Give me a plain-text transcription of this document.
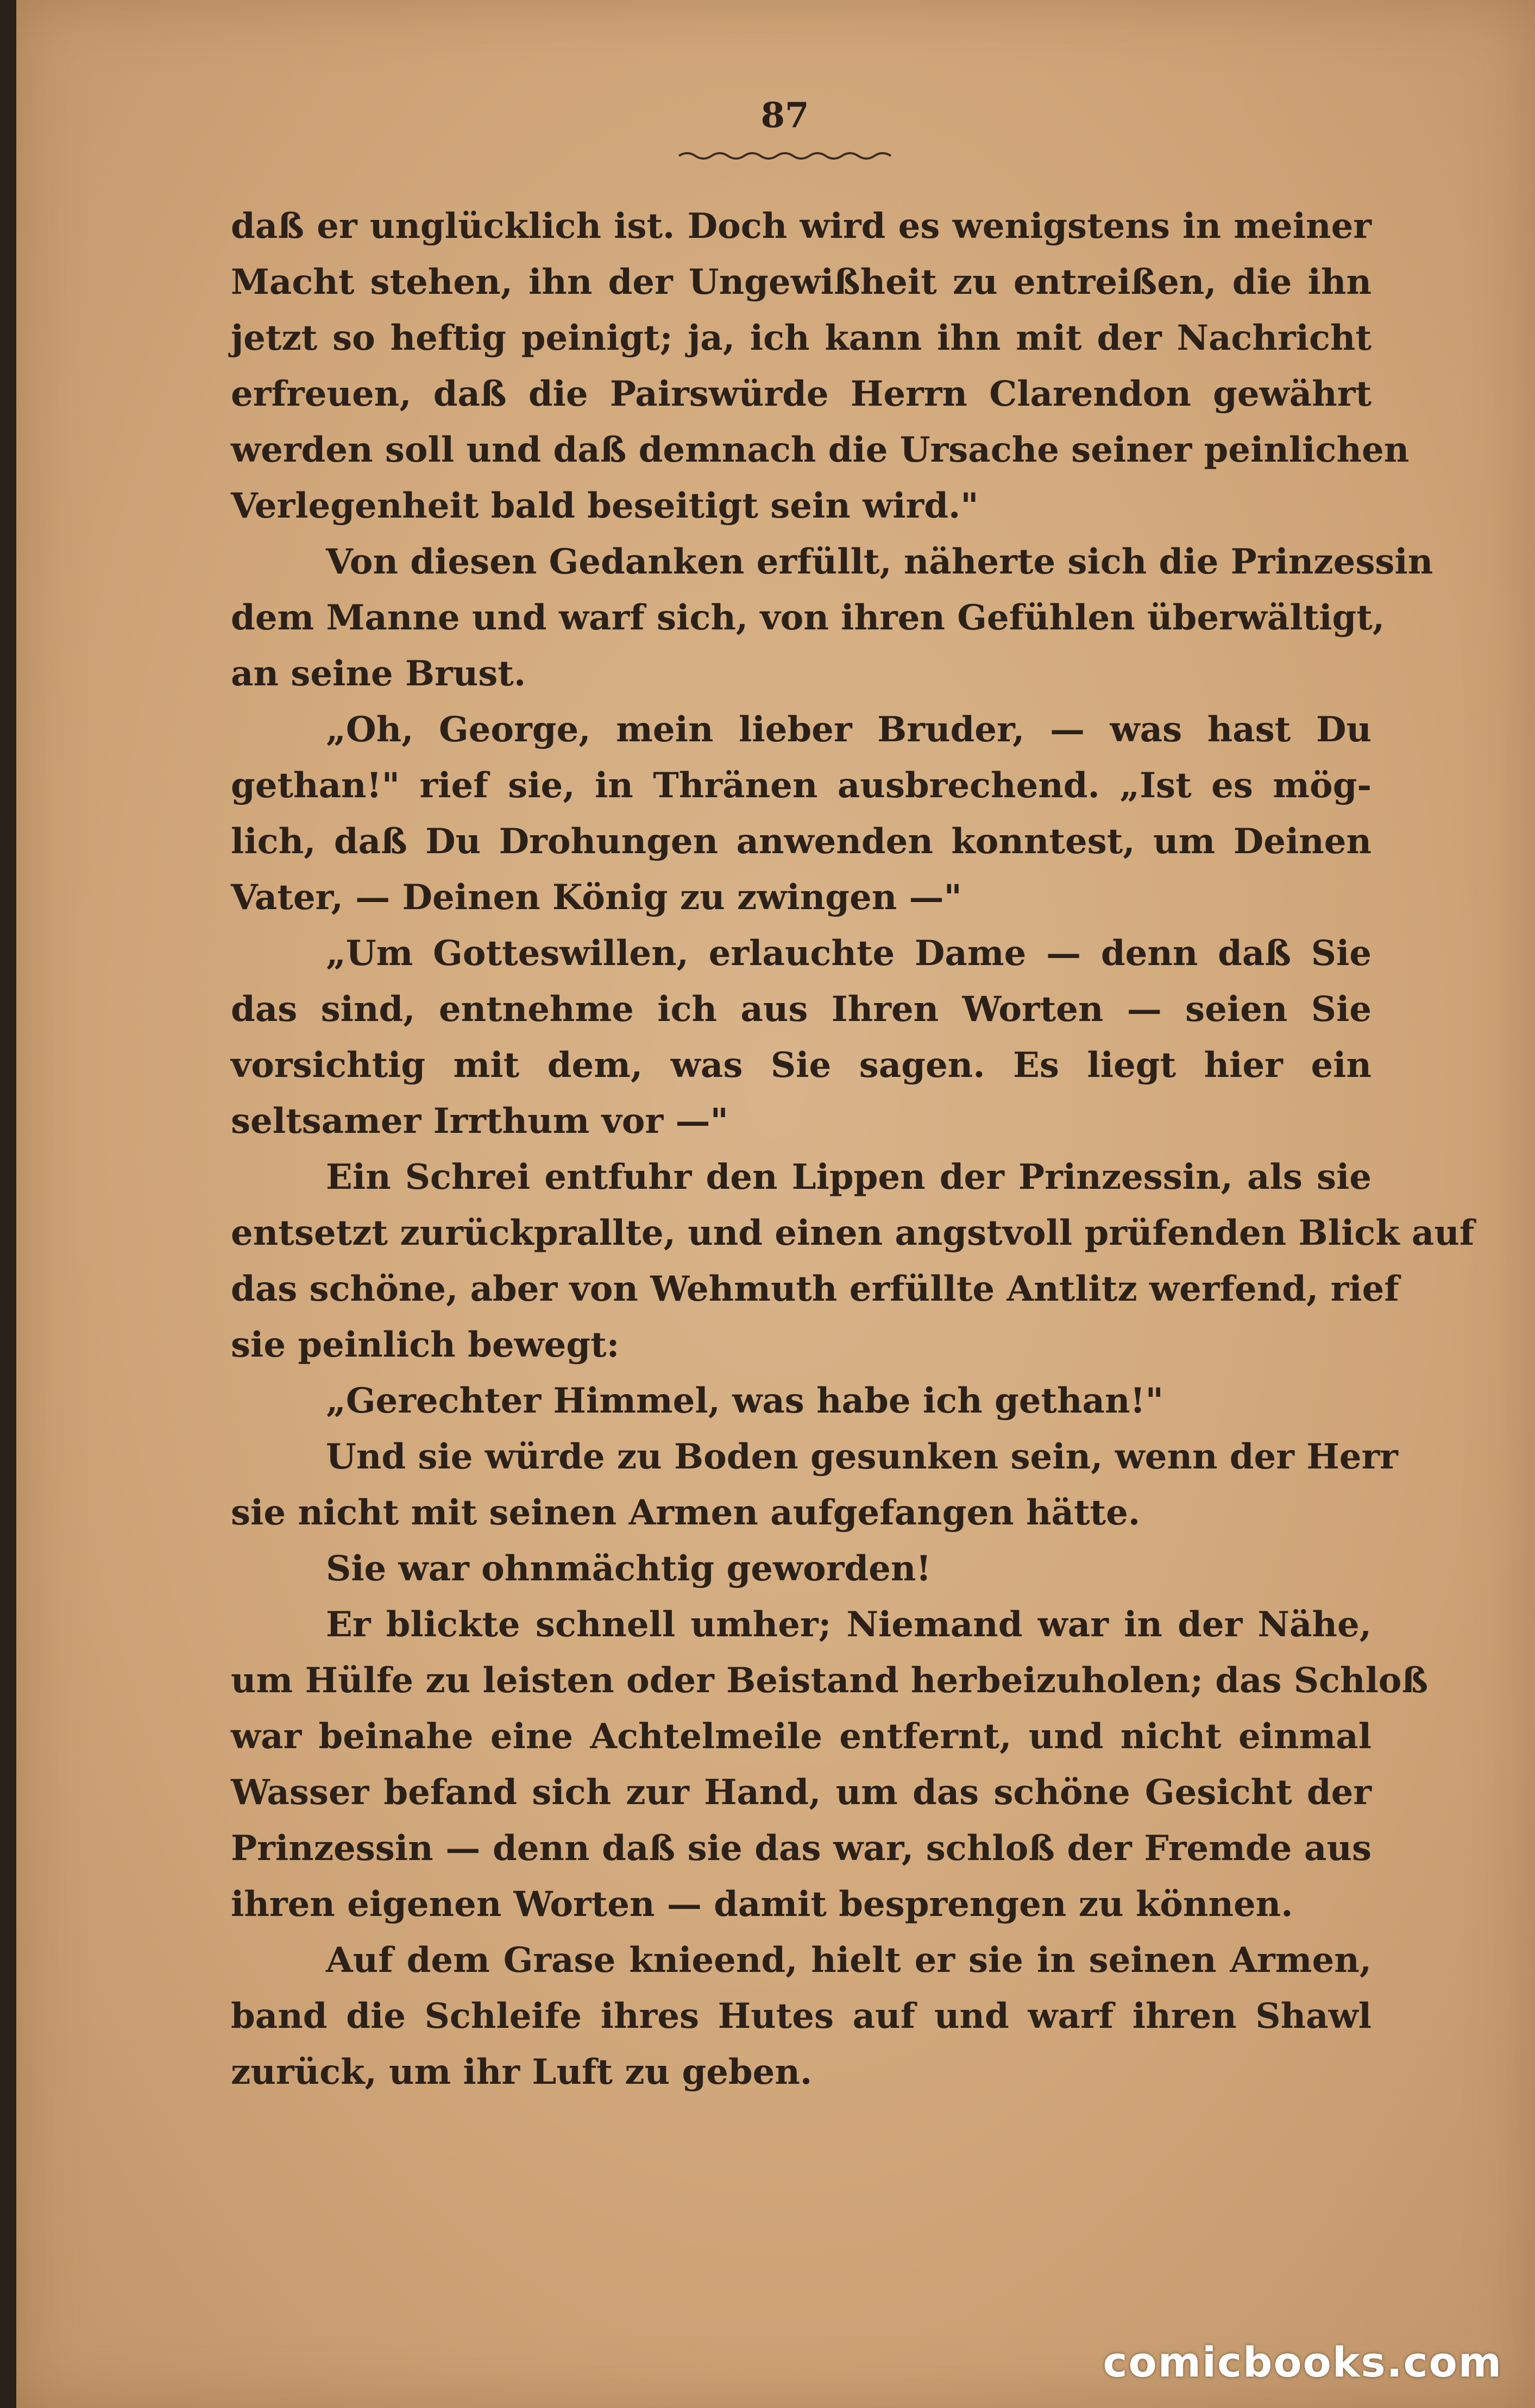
87
daß er unglücklich ist. Doch wird es wenigstens in meiner
Macht stehen, ihn der Ungewißheit zu entreißen, die ihn
jetzt so heftig peinigt; ja, ich kann ihn mit der Nachricht
erfreuen, daß die Pairswürde Herrn Clarendon gewährt
werden soll und daß demnach die Ursache seiner peinlichen
Verlegenheit bald beseitigt sein wird."
Von diesen Gedanken erfüllt, näherte sich die Prinzessin
dem Manne und warf sich, von ihren Gefühlen überwältigt,
an seine Brust.
„Oh, George, mein lieber Bruder, — was hast Du
gethan!" rief sie, in Thränen ausbrechend. „Ist es mög-
lich, daß Du Drohungen anwenden konntest, um Deinen
Vater, — Deinen König zu zwingen —"
„Um Gotteswillen, erlauchte Dame — denn daß Sie
das sind, entnehme ich aus Ihren Worten — seien Sie
vorsichtig mit dem, was Sie sagen. Es liegt hier ein
seltsamer Irrthum vor —"
Ein Schrei entfuhr den Lippen der Prinzessin, als sie
entsetzt zurückprallte, und einen angstvoll prüfenden Blick auf
das schöne, aber von Wehmuth erfüllte Antlitz werfend, rief
sie peinlich bewegt:
„Gerechter Himmel, was habe ich gethan!"
Und sie würde zu Boden gesunken sein, wenn der Herr
sie nicht mit seinen Armen aufgefangen hätte.
Sie war ohnmächtig geworden!
Er blickte schnell umher; Niemand war in der Nähe,
um Hülfe zu leisten oder Beistand herbeizuholen; das Schloß
war beinahe eine Achtelmeile entfernt, und nicht einmal
Wasser befand sich zur Hand, um das schöne Gesicht der
Prinzessin — denn daß sie das war, schloß der Fremde aus
ihren eigenen Worten — damit besprengen zu können.
Auf dem Grase knieend, hielt er sie in seinen Armen,
band die Schleife ihres Hutes auf und warf ihren Shawl
zurück, um ihr Luft zu geben.
comicbooks.com
